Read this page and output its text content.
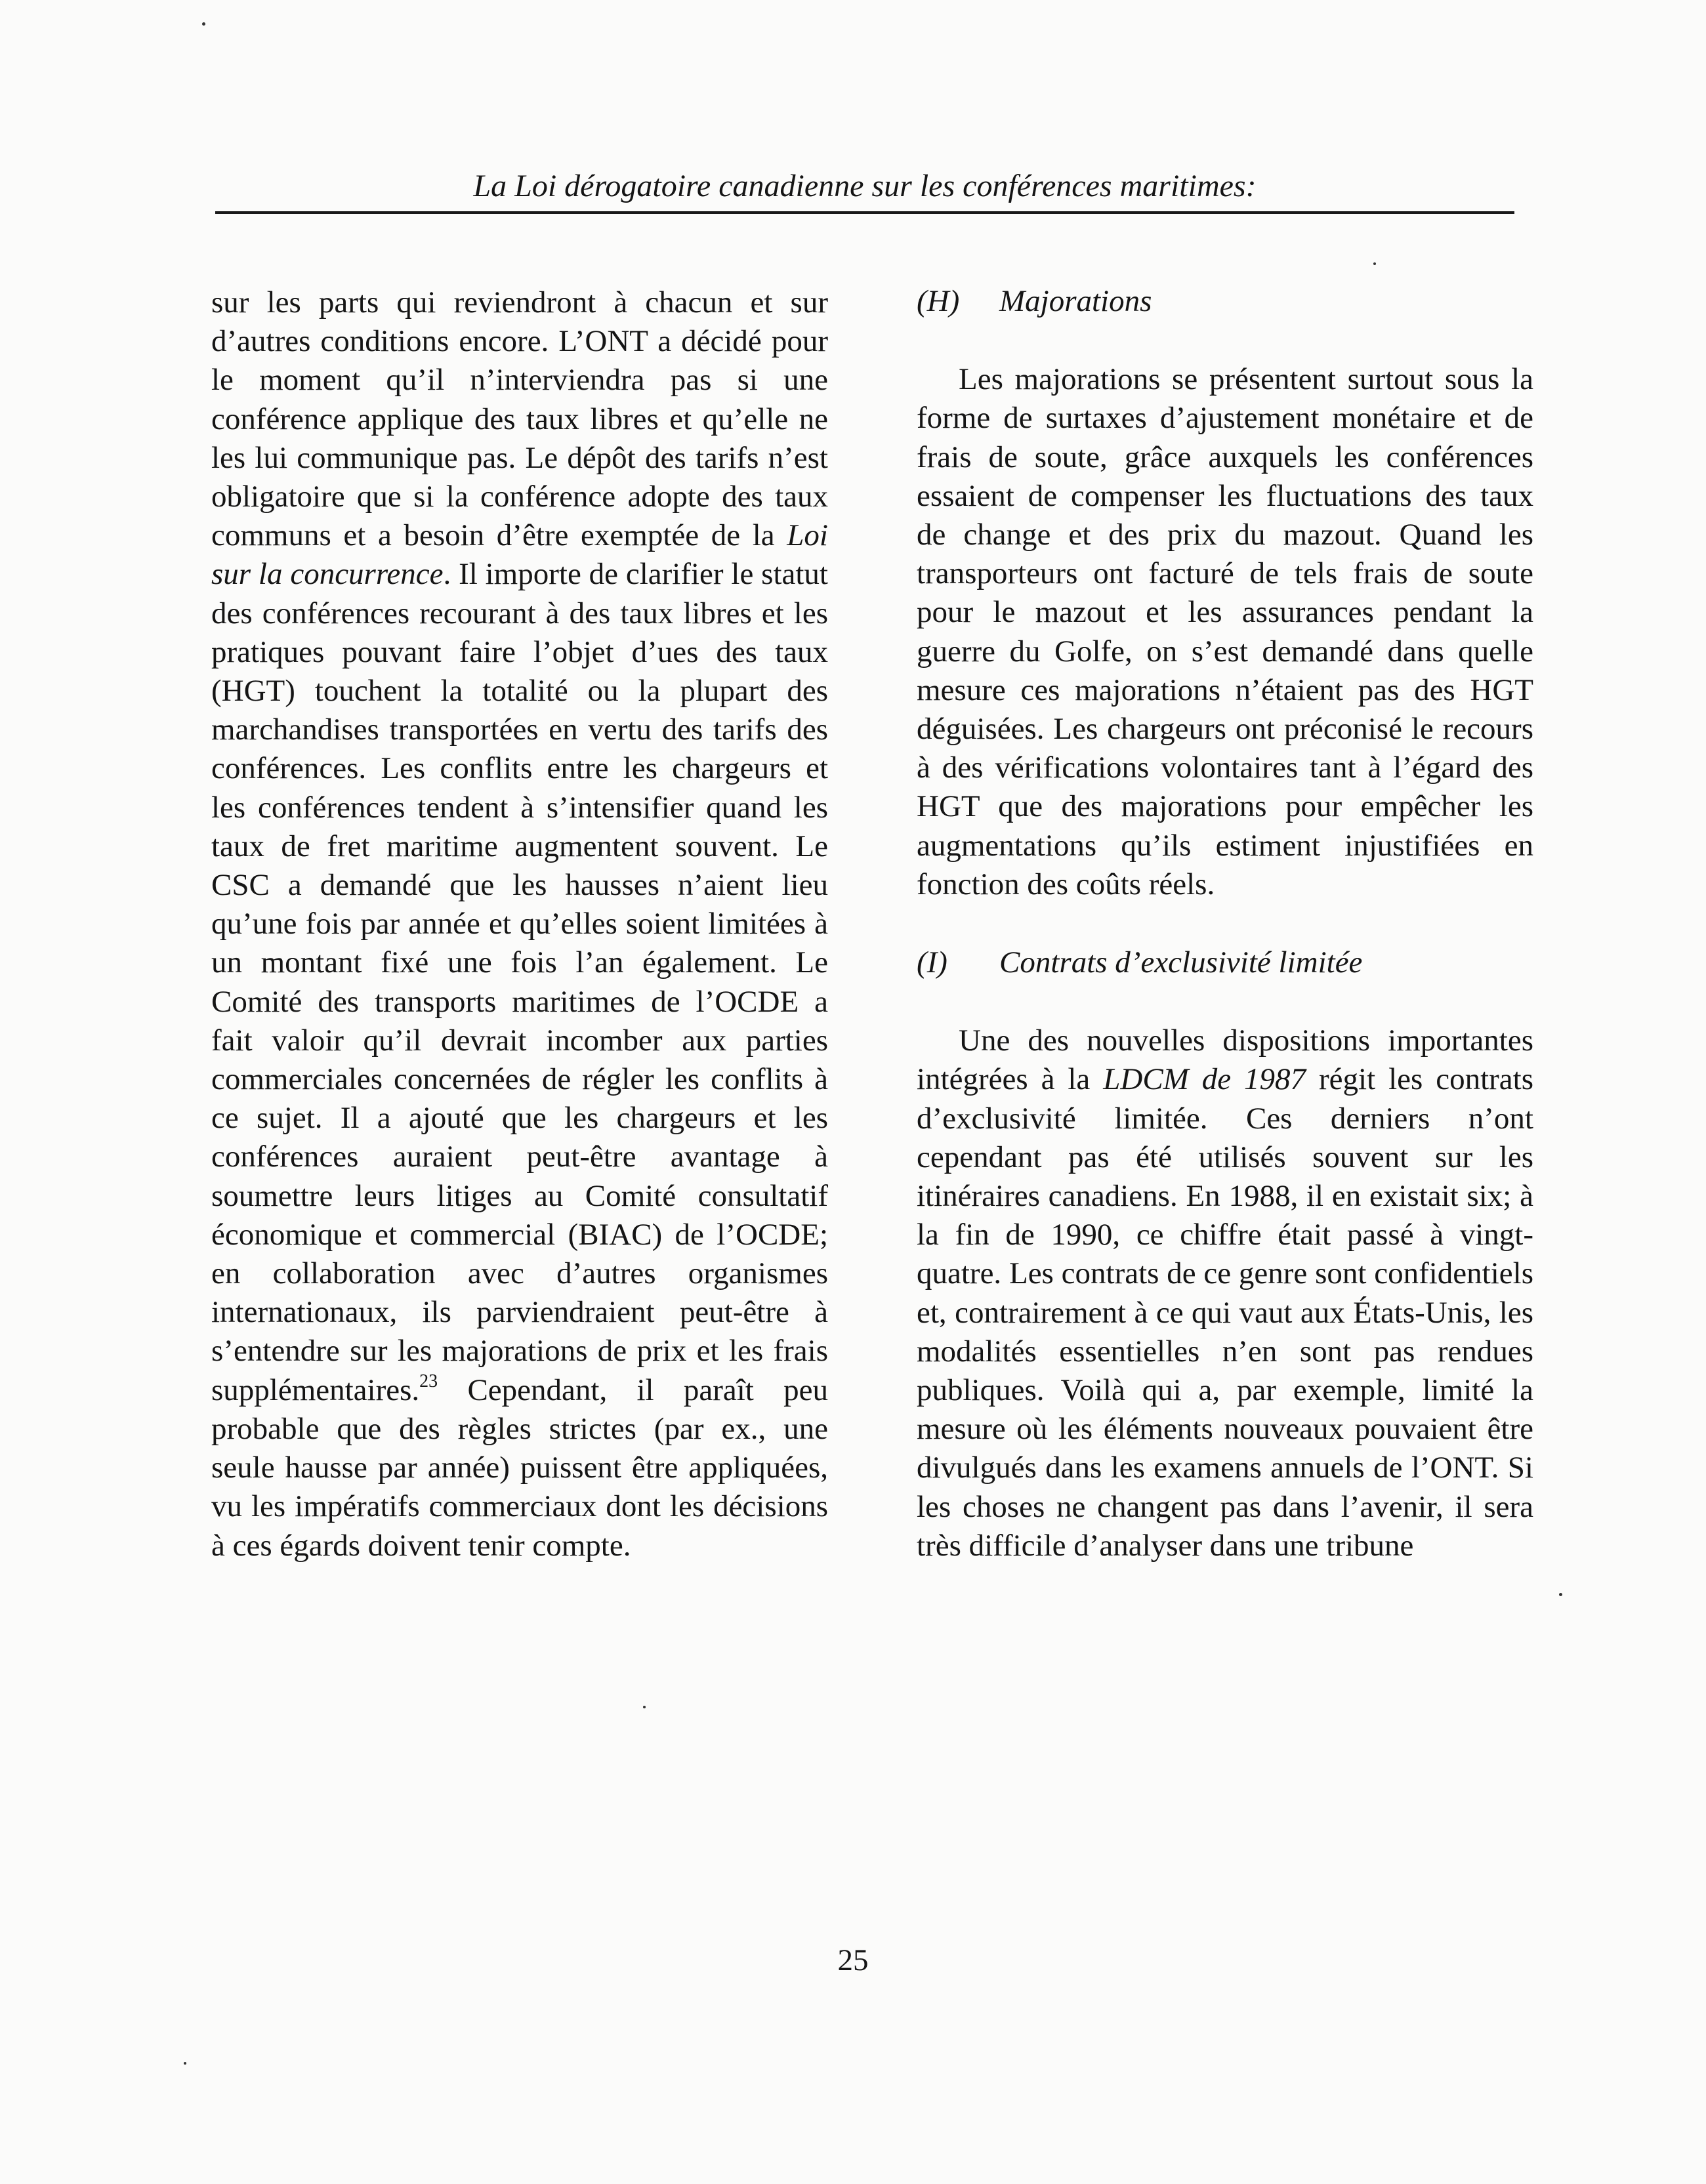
La Loi dérogatoire canadienne sur les conférences maritimes:

sur les parts qui reviendront à chacun et sur d’autres conditions encore. L’ONT a décidé pour le moment qu’il n’interviendra pas si une conférence applique des taux libres et qu’elle ne les lui communique pas. Le dépôt des tarifs n’est obligatoire que si la conférence adopte des taux communs et a besoin d’être exemptée de la Loi sur la concurrence. Il importe de clarifier le statut des conférences recourant à des taux libres et les pratiques pouvant faire l’objet d’ues des taux (HGT) touchent la totalité ou la plupart des marchandises transportées en vertu des tarifs des conférences. Les conflits entre les chargeurs et les conférences tendent à s’intensifier quand les taux de fret maritime augmentent souvent. Le CSC a demandé que les hausses n’aient lieu qu’une fois par année et qu’elles soient limitées à un montant fixé une fois l’an également. Le Comité des transports maritimes de l’OCDE a fait valoir qu’il devrait incomber aux parties commerciales concernées de régler les conflits à ce sujet. Il a ajouté que les chargeurs et les conférences auraient peut-être avantage à soumettre leurs litiges au Comité consultatif économique et commercial (BIAC) de l’OCDE; en collaboration avec d’autres organismes internationaux, ils parviendraient peut-être à s’entendre sur les majorations de prix et les frais supplémentaires.$^{23}$ Cependant, il paraît peu probable que des règles strictes (par ex., une seule hausse par année) puissent être appliquées, vu les impératifs commerciaux dont les décisions à ces égards doivent tenir compte.

(H) Majorations

Les majorations se présentent surtout sous la forme de surtaxes d’ajustement monétaire et de frais de soute, grâce auxquels les conférences essaient de compenser les fluctuations des taux de change et des prix du mazout. Quand les transporteurs ont facturé de tels frais de soute pour le mazout et les assurances pendant la guerre du Golfe, on s’est demandé dans quelle mesure ces majorations n’étaient pas des HGT déguisées. Les chargeurs ont préconisé le recours à des vérifications volontaires tant à l’égard des HGT que des majorations pour empêcher les augmentations qu’ils estiment injustifiées en fonction des coûts réels.

(I) Contrats d’exclusivité limitée

Une des nouvelles dispositions importantes intégrées à la LDCM de 1987 régit les contrats d’exclusivité limitée. Ces derniers n’ont cependant pas été utilisés souvent sur les itinéraires canadiens. En 1988, il en existait six; à la fin de 1990, ce chiffre était passé à vingt-quatre. Les contrats de ce genre sont confidentiels et, contrairement à ce qui vaut aux États-Unis, les modalités essentielles n’en sont pas rendues publiques. Voilà qui a, par exemple, limité la mesure où les éléments nouveaux pouvaient être divulgués dans les examens annuels de l’ONT. Si les choses ne changent pas dans l’avenir, il sera très difficile d’analyser dans une tribune

25
